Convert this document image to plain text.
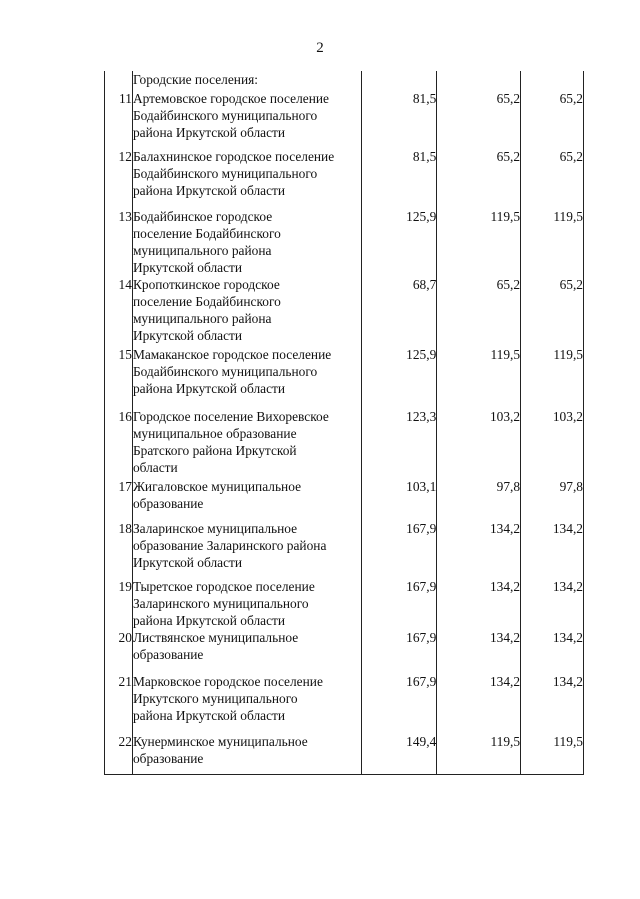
2
	Городские поселения:			
11	Артемовское городское поселение
Бодайбинского муниципального
района Иркутской области	81,5	65,2	65,2
12	Балахнинское городское поселение
Бодайбинского муниципального
района Иркутской области	81,5	65,2	65,2
13	Бодайбинское городское
поселение Бодайбинского
муниципального района
Иркутской области	125,9	119,5	119,5
14	Кропоткинское городское
поселение Бодайбинского
муниципального района
Иркутской области	68,7	65,2	65,2
15	Мамаканское городское поселение
Бодайбинского муниципального
района Иркутской области	125,9	119,5	119,5
16	Городское поселение Вихоревское
муниципальное образование
Братского района Иркутской
области	123,3	103,2	103,2
17	Жигаловское муниципальное
образование	103,1	97,8	97,8
18	Заларинское муниципальное
образование Заларинского района
Иркутской области	167,9	134,2	134,2
19	Тыретское городское поселение
Заларинского муниципального
района Иркутской области	167,9	134,2	134,2
20	Листвянское муниципальное
образование	167,9	134,2	134,2
21	Марковское городское поселение
Иркутского муниципального
района Иркутской области	167,9	134,2	134,2
22	Кунерминское муниципальное
образование	149,4	119,5	119,5
